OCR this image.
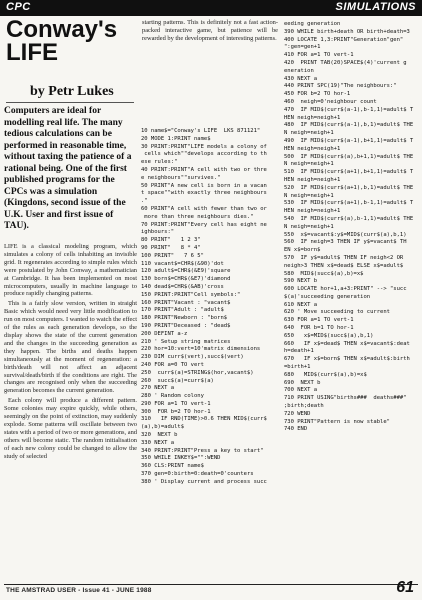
CPC	SIMULATIONS
Conway's
LIFE
by Petr Lukes

Computers are ideal for modelling real life. The many tedious calculations can be performed in reasonable time, without taxing the patience of a rational being. One of the first published programs for the CPCs was a simulation (Kingdons, second issue of the U.K. User and first issue of TAU).

LIFE is a classical modeling program, which simulates a colony of cells inhabiting an invisible grid. It regenerates according to simple rules which were postulated by John Conway, a mathematician at Cambridge. It has been implemented on most microcomputers, usually in machine language to produce rapidly changing patterns.

This is a fairly slow version, written in straight Basic which would need very little modification to run on most computers. I wanted to watch the effect of the rules as each generation develops, so the display shows the state of the current generation and the changes in the succeeding generation as they happen. The births and deaths happen simultaneously at the moment of regeneration: a birth/death will not affect an adjacent survival/death/birth if the conditions are right. The changes are recognised only when the succeeding generation becomes the current generation.

Each colony will produce a different pattern. Some colonies may expire quickly, while others, seemingly on the point of extinction, may suddenly explode. Some patterns will oscillate between two states with a period of two or more generations, and others will become static. The random initialisation of each new colony could be changed to allow the study of selected

starting patterns. This is definitely not a fast action-packed interactive game, but patience will be rewarded by the development of interesting patterns.

10 name$="Conway's LIFE  LKS 871121"
20 MODE 1:PRINT name$
30 PRINT:PRINT"LIFE models a colony of
cells which""develops according to th
ese rules:"
40 PRINT:PRINT"A cell with two or thre
e neighbours""survives."
50 PRINT"A new cell is born in a vacan
t space""with exactly three neighbours
."
60 PRINT"A cell with fewer than two or
more than three neighbours dies."
70 PRINT:PRINT"Every cell has eight ne
ighbours:"
80 PRINT"   1 2 3"
90 PRINT"   8 * 4"
100 PRINT"   7 6 5"
110 vacant$=CHR$(&90)'dot
120 adult$=CHR$(&E9)'square
130 born$=CHR$(&E7)'diamond
140 dead$=CHR$(&AB)'cross
150 PRINT:PRINT"Cell symbols:"
160 PRINT"Vacant : "vacant$
170 PRINT"Adult : "adult$
180 PRINT"Newborn : "born$
190 PRINT"Deceased : "dead$
200 DEFINT a-z
210 ' Setup string matrices
220 hor=10:vert=10'matrix dimensions
230 DIM curr$(vert),succ$(vert)
240 FOR a=0 TO vert
250  curr$(a)=STRING$(hor,vacant$)
260  succ$(a)=curr$(a)
270 NEXT a
280 ' Random colony
290 FOR a=1 TO vert-1
300  FOR b=2 TO hor-1
310   IF RND(TIME)>0.6 THEN MID$(curr$
(a),b)=adult$
320  NEXT b
330 NEXT a
340 PRINT:PRINT"Press a key to start"
350 WHILE INKEY$="":WEND
360 CLS:PRINT name$
370 gen=0:birth=0:death=0'counters
380 ' Display current and process succ
eeding generation
390 WHILE birth+death OR birth+death=3
400 LOCATE 1,3:PRINT"Generation"gen"
":gen=gen+1
410 FOR a=1 TO vert-1
420  PRINT TAB(20)SPACE$(4)'current g
eneration
430 NEXT a
440 PRINT SPC(19)"The neighbours:"
450 FOR b=2 TO hor-1
460  neigh=0'neighbour count
470  IF MID$(curr$(a-1),b-1,1)=adult$ T
HEN neigh=neigh+1
480  IF MID$(curr$(a-1),b,1)=adult$ THE
N neigh=neigh+1
490  IF MID$(curr$(a-1),b+1,1)=adult$ T
HEN neigh=neigh+1
500  IF MID$(curr$(a),b+1,1)=adult$ THE
N neigh=neigh+1
510  IF MID$(curr$(a+1),b+1,1)=adult$ T
HEN neigh=neigh+1
520  IF MID$(curr$(a+1),b,1)=adult$ THE
N neigh=neigh+1
530  IF MID$(curr$(a+1),b-1,1)=adult$ T
HEN neigh=neigh+1
540  IF MID$(curr$(a),b-1,1)=adult$ THE
N neigh=neigh+1
550  x$=vacant$:y$=MID$(curr$(a),b,1)
560  IF neigh=3 THEN IF y$=vacant$ TH
EN x$=born$
570  IF y$=adult$ THEN IF neigh<2 OR
neigh>3 THEN x$=dead$ ELSE x$=adult$
580  MID$(succ$(a),b)=x$
590 NEXT b
600 LOCATE hor+1,a+3:PRINT" --> "succ
$(a)'succeeding generation
610 NEXT a
620 ' Move succeeding to current
630 FOR a=1 TO vert-1
640  FOR b=1 TO hor-1
650   x$=MID$(succ$(a),b,1)
660   IF x$=dead$ THEN x$=vacant$:deat
h=death+1
670   IF x$=born$ THEN x$=adult$:birth
=birth+1
680   MID$(curr$(a),b)=x$
690  NEXT b
700 NEXT a
710 PRINT USING"births###  deaths###"
;birth;death
720 WEND
730 PRINT"Pattern is now stable"
740 END
THE AMSTRAD USER - Issue 41 - JUNE 1988	61
